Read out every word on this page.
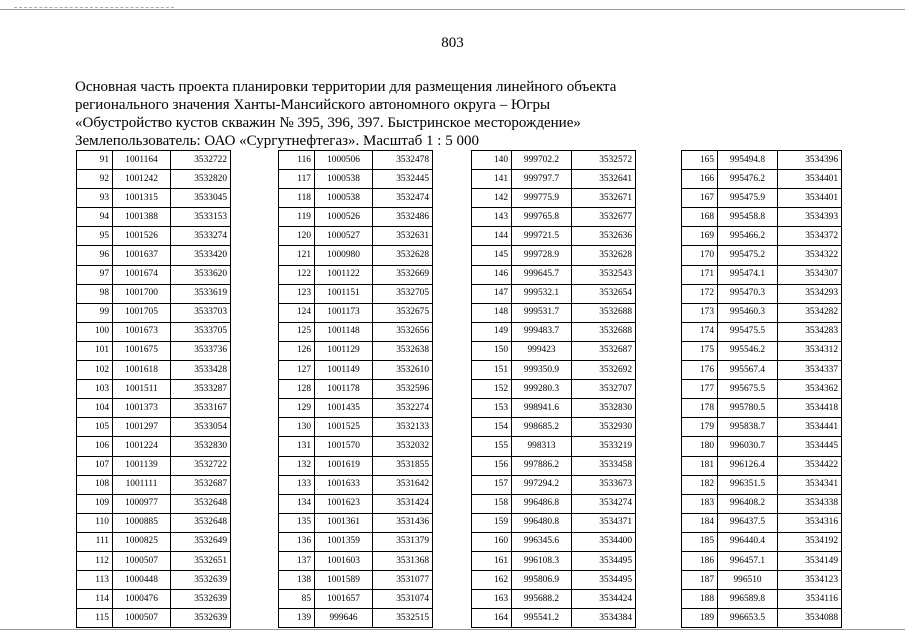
803
Основная часть проекта планировки территории для размещения линейного объекта регионального значения Ханты-Мансийского автономного округа – Югры «Обустройство кустов скважин № 395, 396, 397. Быстринское месторождение» Землепользователь: ОАО «Сургутнефтегаз». Масштаб 1 : 5 000
91	1001164	3532722
92	1001242	3532820
93	1001315	3533045
94	1001388	3533153
95	1001526	3533274
96	1001637	3533420
97	1001674	3533620
98	1001700	3533619
99	1001705	3533703
100	1001673	3533705
101	1001675	3533736
102	1001618	3533428
103	1001511	3533287
104	1001373	3533167
105	1001297	3533054
106	1001224	3532830
107	1001139	3532722
108	1001111	3532687
109	1000977	3532648
110	1000885	3532648
111	1000825	3532649
112	1000507	3532651
113	1000448	3532639
114	1000476	3532639
115	1000507	3532639
116	1000506	3532478
117	1000538	3532445
118	1000538	3532474
119	1000526	3532486
120	1000527	3532631
121	1000980	3532628
122	1001122	3532669
123	1001151	3532705
124	1001173	3532675
125	1001148	3532656
126	1001129	3532638
127	1001149	3532610
128	1001178	3532596
129	1001435	3532274
130	1001525	3532133
131	1001570	3532032
132	1001619	3531855
133	1001633	3531642
134	1001623	3531424
135	1001361	3531436
136	1001359	3531379
137	1001603	3531368
138	1001589	3531077
85	1001657	3531074
139	999646	3532515
140	999702.2	3532572
141	999797.7	3532641
142	999775.9	3532671
143	999765.8	3532677
144	999721.5	3532636
145	999728.9	3532628
146	999645.7	3532543
147	999532.1	3532654
148	999531.7	3532688
149	999483.7	3532688
150	999423	3532687
151	999350.9	3532692
152	999280.3	3532707
153	998941.6	3532830
154	998685.2	3532930
155	998313	3533219
156	997886.2	3533458
157	997294.2	3533673
158	996486.8	3534274
159	996480.8	3534371
160	996345.6	3534400
161	996108.3	3534495
162	995806.9	3534495
163	995688.2	3534424
164	995541.2	3534384
165	995494.8	3534396
166	995476.2	3534401
167	995475.9	3534401
168	995458.8	3534393
169	995466.2	3534372
170	995475.2	3534322
171	995474.1	3534307
172	995470.3	3534293
173	995460.3	3534282
174	995475.5	3534283
175	995546.2	3534312
176	995567.4	3534337
177	995675.5	3534362
178	995780.5	3534418
179	995838.7	3534441
180	996030.7	3534445
181	996126.4	3534422
182	996351.5	3534341
183	996408.2	3534338
184	996437.5	3534316
185	996440.4	3534192
186	996457.1	3534149
187	996510	3534123
188	996589.8	3534116
189	996653.5	3534088
